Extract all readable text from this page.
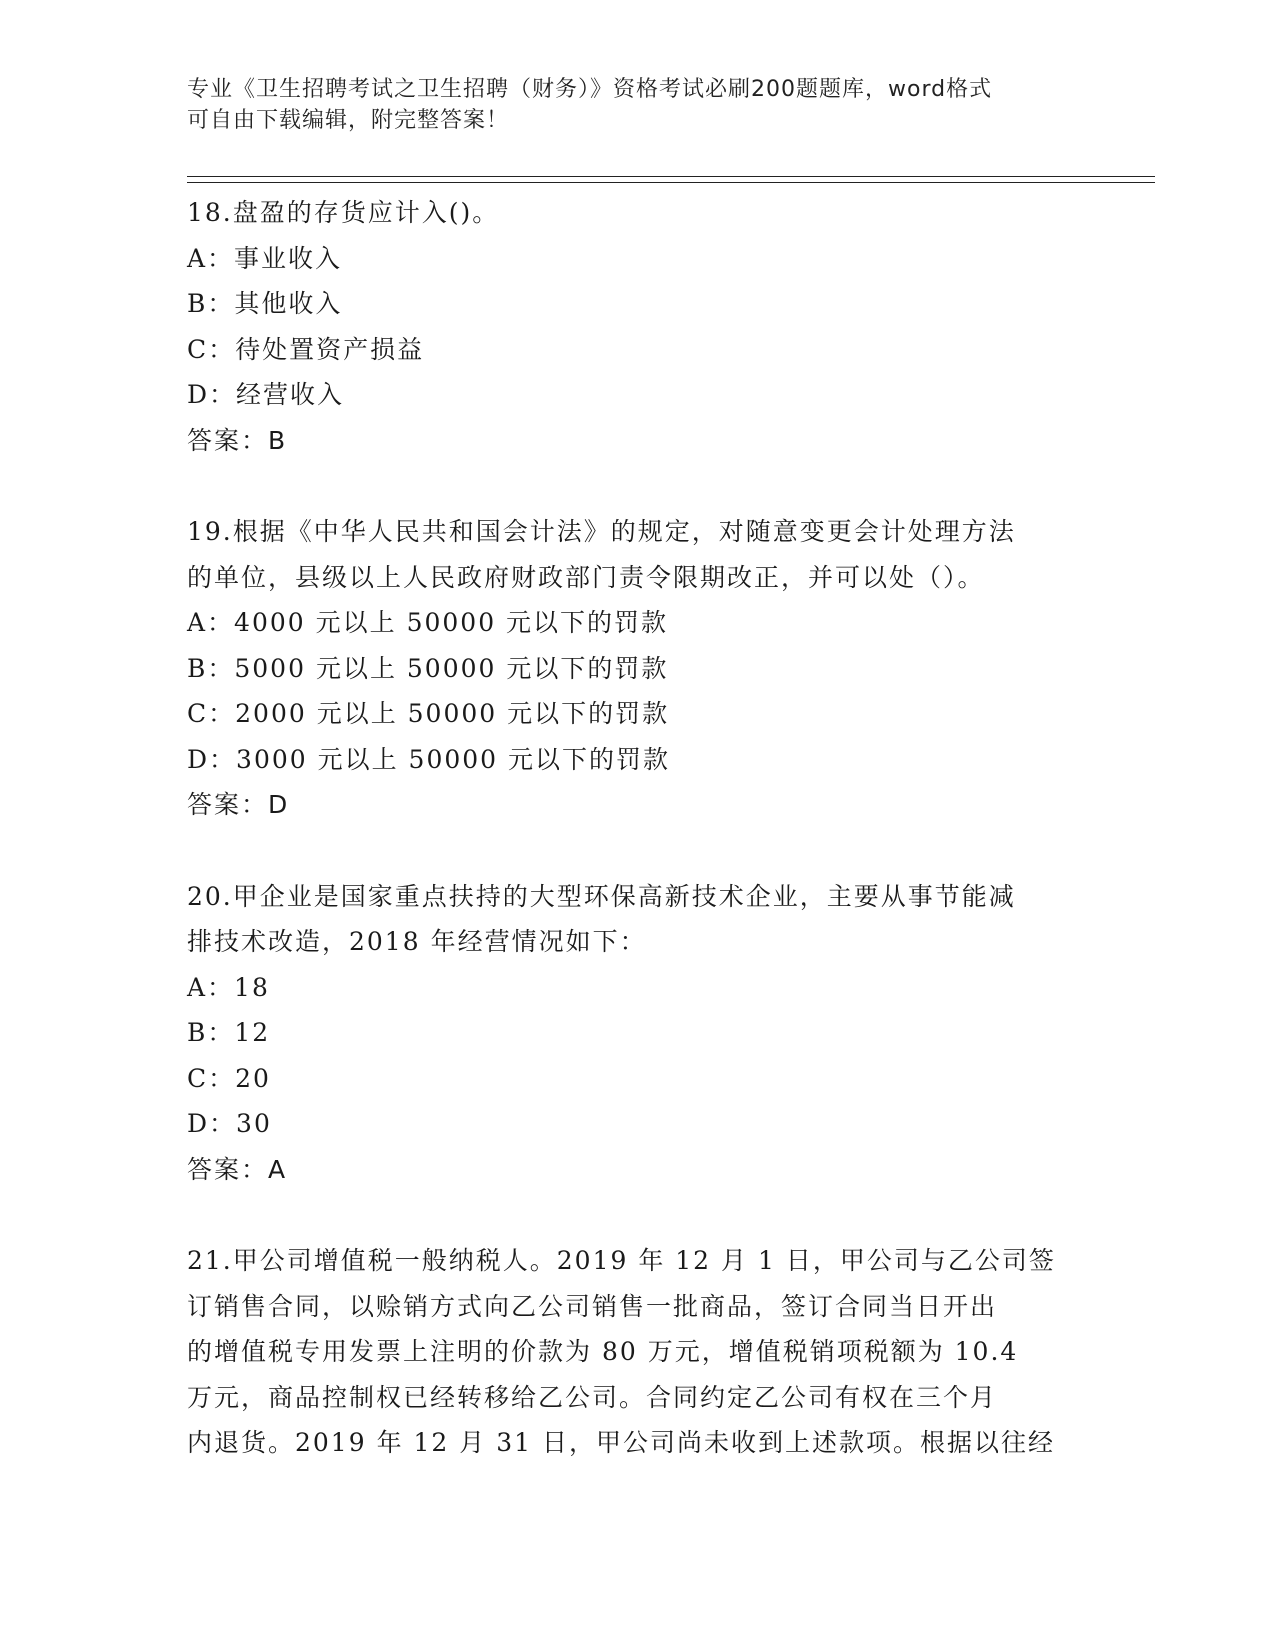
专业《卫生招聘考试之卫生招聘（财务）》资格考试必刷200题题库，word格式
可自由下载编辑，附完整答案！
18.盘盈的存货应计入()。
A：事业收入
B：其他收入
C：待处置资产损益
D：经营收入
答案：B
19.根据《中华人民共和国会计法》的规定，对随意变更会计处理方法
的单位，县级以上人民政府财政部门责令限期改正，并可以处（）。
A：4000 元以上 50000 元以下的罚款
B：5000 元以上 50000 元以下的罚款
C：2000 元以上 50000 元以下的罚款
D：3000 元以上 50000 元以下的罚款
答案：D
20.甲企业是国家重点扶持的大型环保高新技术企业，主要从事节能减
排技术改造，2018 年经营情况如下：
A：18
B：12
C：20
D：30
答案：A
21.甲公司增值税一般纳税人。2019 年 12 月 1 日，甲公司与乙公司签
订销售合同，以赊销方式向乙公司销售一批商品，签订合同当日开出
的增值税专用发票上注明的价款为 80 万元，增值税销项税额为 10.4
万元，商品控制权已经转移给乙公司。合同约定乙公司有权在三个月
内退货。2019 年 12 月 31 日，甲公司尚未收到上述款项。根据以往经
